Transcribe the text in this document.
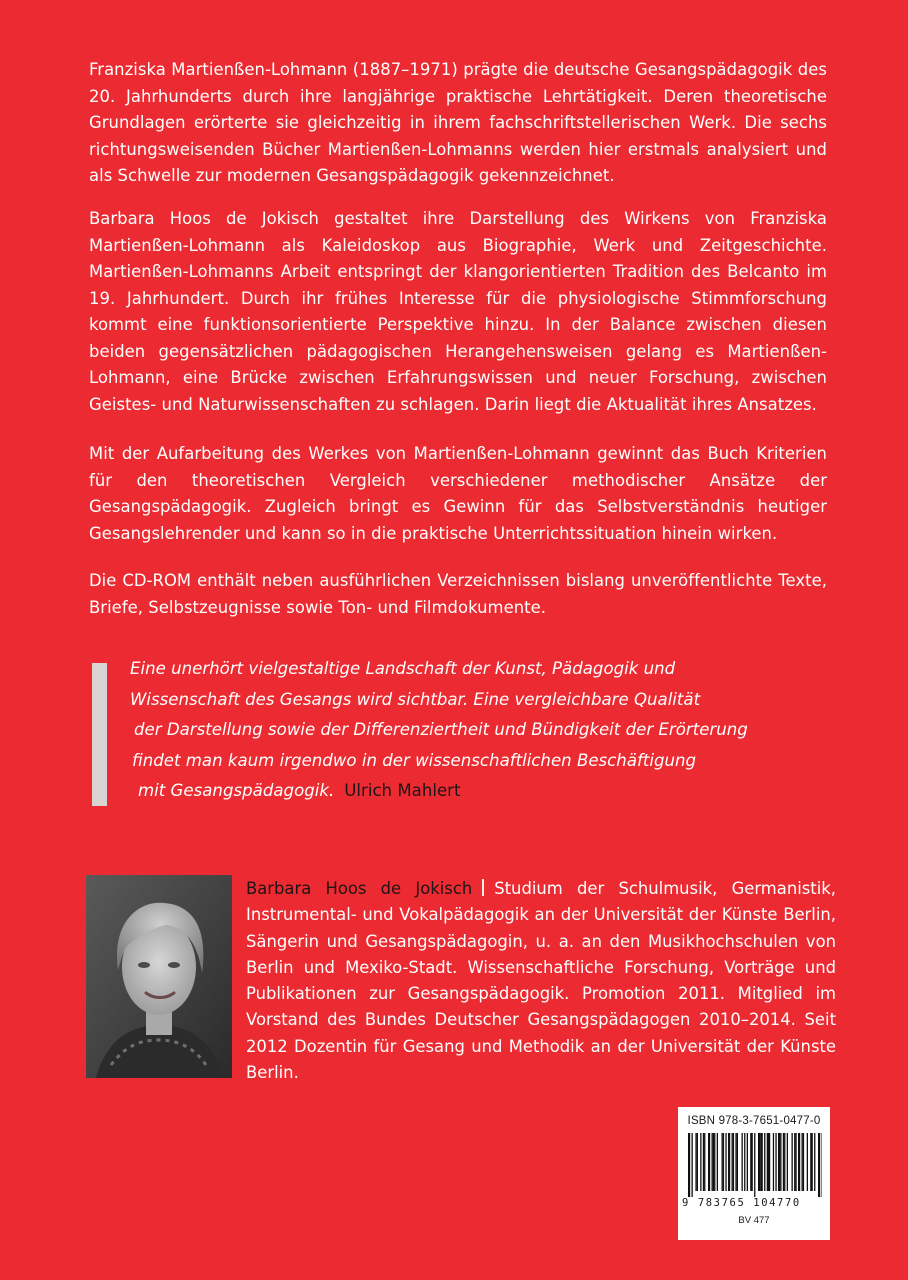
Franziska Martienßen-Lohmann (1887–1971) prägte die deutsche Gesangspädagogik des 20. Jahrhunderts durch ihre langjährige praktische Lehrtätigkeit. Deren theoretische Grundlagen erörterte sie gleichzeitig in ihrem fachschriftstellerischen Werk. Die sechs richtungsweisenden Bücher Martienßen-Lohmanns werden hier erstmals analysiert und als Schwelle zur modernen Gesangspädagogik gekennzeichnet.

Barbara Hoos de Jokisch gestaltet ihre Darstellung des Wirkens von Franziska Martienßen-Lohmann als Kaleidoskop aus Biographie, Werk und Zeitgeschichte. Martienßen-Lohmanns Arbeit entspringt der klangorientierten Tradition des Belcanto im 19. Jahrhundert. Durch ihr frühes Interesse für die physiologische Stimmforschung kommt eine funktionsorientierte Perspektive hinzu. In der Balance zwischen diesen beiden gegensätzlichen pädagogischen Herangehensweisen gelang es Martienßen-Lohmann, eine Brücke zwischen Erfahrungswissen und neuer Forschung, zwischen Geistes- und Naturwissenschaften zu schlagen. Darin liegt die Aktualität ihres Ansatzes.

Mit der Aufarbeitung des Werkes von Martienßen-Lohmann gewinnt das Buch Kriterien für den theoretischen Vergleich verschiedener methodischer Ansätze der Gesangspädagogik. Zugleich bringt es Gewinn für das Selbstverständnis heutiger Gesangslehrender und kann so in die praktische Unterrichtssituation hinein wirken.

Die CD-ROM enthält neben ausführlichen Verzeichnissen bislang unveröffentlichte Texte, Briefe, Selbstzeugnisse sowie Ton- und Filmdokumente.

Eine unerhört vielgestaltige Landschaft der Kunst, Pädagogik und
Wissenschaft des Gesangs wird sichtbar. Eine vergleichbare Qualität
der Darstellung sowie der Differenziertheit und Bündigkeit der Erörterung
findet man kaum irgendwo in der wissenschaftlichen Beschäftigung
mit Gesangspädagogik. Ulrich Mahlert
Barbara Hoos de Jokisch Studium der Schulmusik, Germanistik, Instrumental- und Vokalpädagogik an der Universität der Künste Berlin, Sängerin und Gesangspädagogin, u. a. an den Musikhochschulen von Berlin und Mexiko-Stadt. Wissenschaftliche Forschung, Vorträge und Publikationen zur Gesangspädagogik. Promotion 2011. Mitglied im Vorstand des Bundes Deutscher Gesangspädagogen 2010–2014. Seit 2012 Dozentin für Gesang und Methodik an der Universität der Künste Berlin.
ISBN 978-3-7651-0477-0
9 783765 104770
BV 477
